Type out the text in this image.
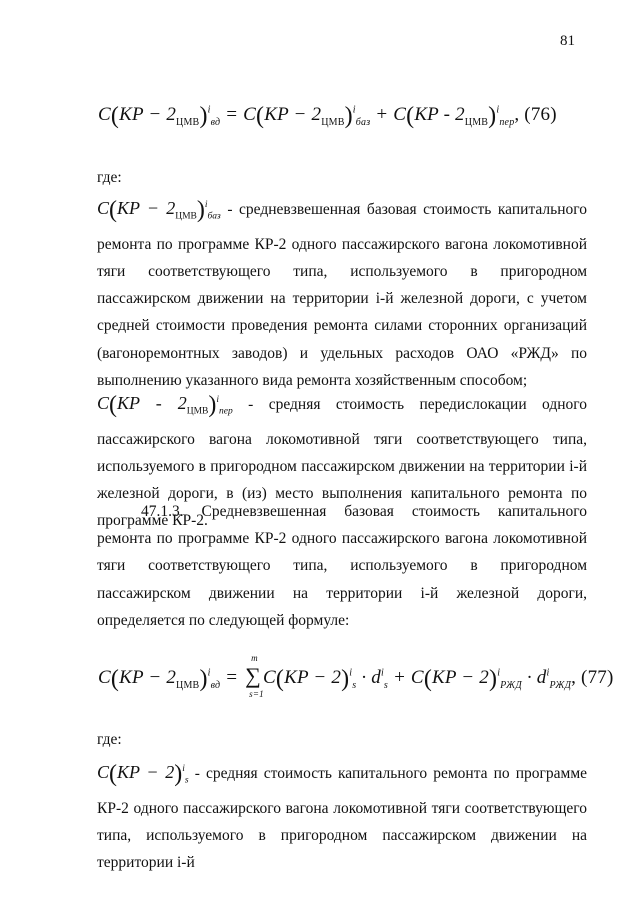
81
$C(KP - 2_{ЦМВ})^i_{вд} = C(KP - 2_{ЦМВ})^i_{баз} + C(KP - 2_{ЦМВ})^i_{пер}$, (76)
где:
$C(KP - 2_{ЦМВ})^i_{баз}$ - средневзвешенная базовая стоимость капитального ремонта по программе КР-2 одного пассажирского вагона локомотивной тяги соответствующего типа, используемого в пригородном пассажирском движении на территории i-й железной дороги, с учетом средней стоимости проведения ремонта силами сторонних организаций (вагоноремонтных заводов) и удельных расходов ОАО «РЖД» по выполнению указанного вида ремонта хозяйственным способом;
$C(KP - 2_{ЦМВ})^i_{пер}$ - средняя стоимость передислокации одного пассажирского вагона локомотивной тяги соответствующего типа, используемого в пригородном пассажирском движении на территории i-й железной дороги, в (из) место выполнения капитального ремонта по программе КР-2.
47.1.3. Средневзвешенная базовая стоимость капитального ремонта по программе КР-2 одного пассажирского вагона локомотивной тяги соответствующего типа, используемого в пригородном пассажирском движении на территории i-й железной дороги, определяется по следующей формуле:
$C(KP - 2_{ЦМВ})^i_{вд}$ = ∑
m
s=1
$C(KP - 2)^i_s \cdot d^i_s + C(KP - 2)^i_{РЖД} \cdot d^i_{РЖД}$, (77)
где:
C(KP − 2)$^i_s$ - средняя стоимость капитального ремонта по программе КР-2 одного пассажирского вагона локомотивной тяги соответствующего типа, используемого в пригородном пассажирском движении на территории i-й
